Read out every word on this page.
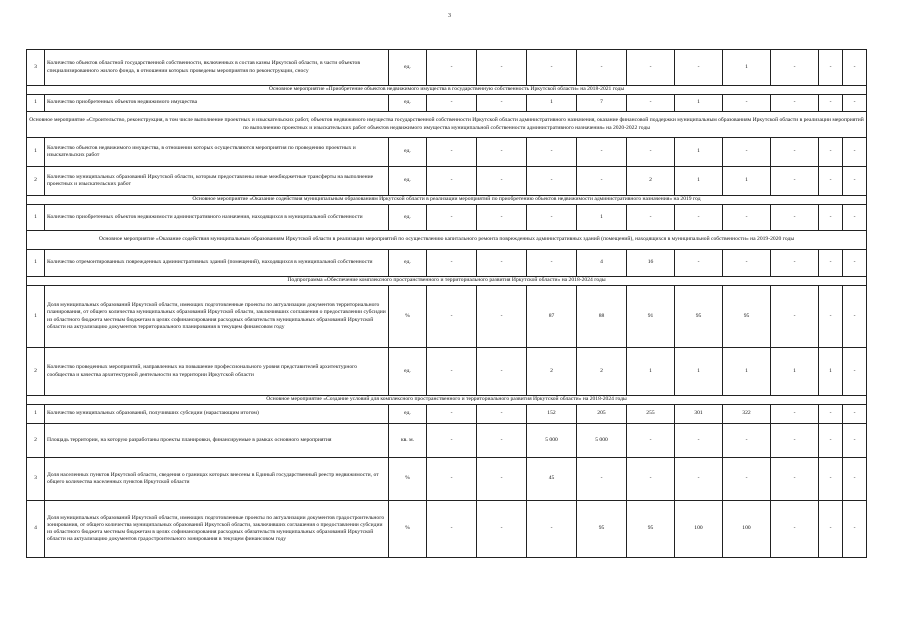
3
3	Количество объектов областной государственной собственности, включенных в состав казны Иркутской области, в части объектов специализированного жилого фонда, в отношении которых проведены мероприятия по реконструкции, сносу	ед.	-	-	-	-	-	-	1	-	-	-
Основное мероприятие «Приобретение объектов недвижимого имущества в государственную собственность Иркутской области» на 2018-2021 годы												
1	Количество приобретенных объектов недвижимого имущества	ед.	-	-	1	7	-	1	-	-	-	-
Основное мероприятие «Строительство, реконструкция, в том числе выполнение проектных и изыскательских работ, объектов недвижимого имущества государственной собственности Иркутской области административного назначения, оказание финансовой поддержки муниципальным образованиям Иркутской области в реализации мероприятий по выполнению проектных и изыскательских работ объектов недвижимого имущества муниципальной собственности административного назначения» на 2020-2022 годы												
1	Количество объектов недвижимого имущества, в отношении которых осуществляются мероприятия по проведению проектных и изыскательских работ	ед.	-	-	-	-	-	1	-	-	-	-
2	Количество муниципальных образований Иркутской области, которым предоставлены иные межбюджетные трансферты на выполнение проектных и изыскательских работ	ед.	-	-	-	-	2	1	1	-	-	-
Основное мероприятие «Оказание содействия муниципальным образованиям Иркутской области в реализации мероприятий по приобретению объектов недвижимости административного назначения» на 2019 год												
1	Количество приобретенных объектов недвижимости административного назначения, находящихся в муниципальной собственности	ед.	-	-	-	1	-	-	-	-	-	-
Основное мероприятие «Оказание содействия муниципальным образованиям Иркутской области в реализации мероприятий по осуществлению капитального ремонта поврежденных административных зданий (помещений), находящихся в муниципальной собственности» на 2019-2020 годы												
1	Количество отремонтированных поврежденных административных зданий (помещений), находящихся в муниципальной собственности	ед.	-	-	-	4	16	-	-	-	-	-
Подпрограмма «Обеспечение комплексного пространственного и территориального развития Иркутской области» на 2018-2024 годы												
1	Доля муниципальных образований Иркутской области, имеющих подготовленные проекты по актуализации документов территориального планирования, от общего количества муниципальных образований Иркутской области, заключивших соглашения о предоставлении субсидии из областного бюджета местным бюджетам в целях софинансирования расходных обязательств муниципальных образований Иркутской области на актуализацию документов территориального планирования в текущем финансовом году	%	-	-	87	88	91	95	95	-	-	-
2	Количество проведенных мероприятий, направленных на повышение профессионального уровня представителей архитектурного сообщества и качества архитектурной деятельности на территории Иркутской области	ед.	-	-	2	2	1	1	1	1	1	-
Основное мероприятие «Создание условий для комплексного пространственного и территориального развития Иркутской области» на 2018-2024 годы												
1	Количество муниципальных образований, получивших субсидии (нарастающим итогом)	ед.	-	-	152	205	255	301	322	-	-	-
2	Площадь территории, на которую разработаны проекты планировки, финансируемые в рамках основного мероприятия	кв. м.	-	-	5 000	5 000	-	-	-	-	-	-
3	Доля населенных пунктов Иркутской области, сведения о границах которых внесены в Единый государственный реестр недвижимости, от общего количества населенных пунктов Иркутской области	%	-	-	45	-	-	-	-	-	-	-
4	Доля муниципальных образований Иркутской области, имеющих подготовленные проекты по актуализации документов градостроительного зонирования, от общего количества муниципальных образований Иркутской области, заключивших соглашения о предоставлении субсидии из областного бюджета местным бюджетам в целях софинансирования расходных обязательств муниципальных образований Иркутской области на актуализацию документов градостроительного зонирования в текущем финансовом году	%	-	-	-	95	95	100	100	-	-	-
